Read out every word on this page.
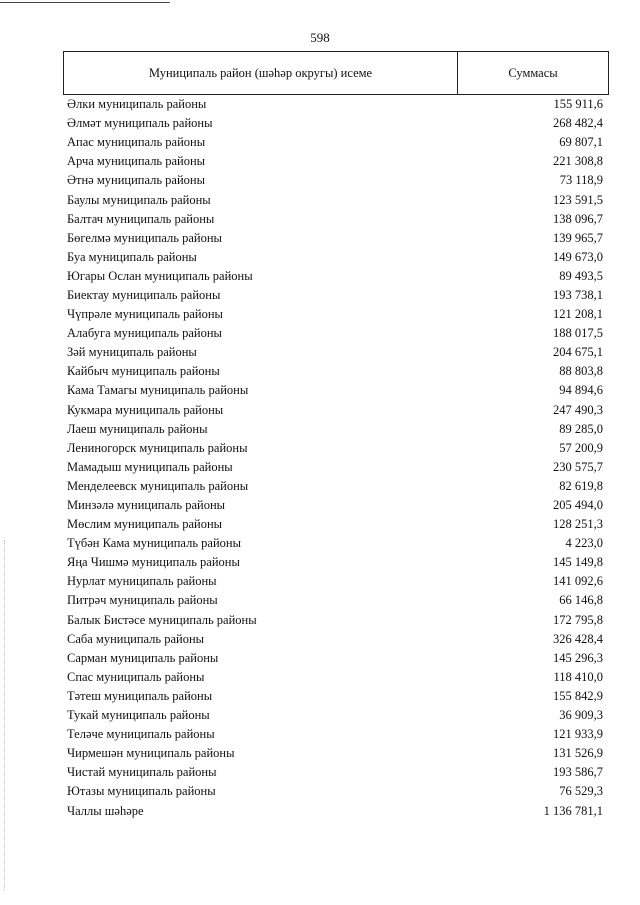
598
Муниципаль район (шәһәр округы) исеме	Суммасы
Әлки муниципаль районы	155 911,6
Әлмәт муниципаль районы	268 482,4
Апас муниципаль районы	69 807,1
Арча муниципаль районы	221 308,8
Әтнә муниципаль районы	73 118,9
Баулы муниципаль районы	123 591,5
Балтач муниципаль районы	138 096,7
Бөгелмә муниципаль районы	139 965,7
Буа муниципаль районы	149 673,0
Югары Ослан муниципаль районы	89 493,5
Биектау муниципаль районы	193 738,1
Чүпрәле муниципаль районы	121 208,1
Алабуга муниципаль районы	188 017,5
Зәй муниципаль районы	204 675,1
Кайбыч муниципаль районы	88 803,8
Кама Тамагы муниципаль районы	94 894,6
Кукмара муниципаль районы	247 490,3
Лаеш муниципаль районы	89 285,0
Лениногорск муниципаль районы	57 200,9
Мамадыш муниципаль районы	230 575,7
Менделеевск муниципаль районы	82 619,8
Минзәлә муниципаль районы	205 494,0
Мөслим муниципаль районы	128 251,3
Түбән Кама муниципаль районы	4 223,0
Яңа Чишмә муниципаль районы	145 149,8
Нурлат муниципаль районы	141 092,6
Питрәч муниципаль районы	66 146,8
Балык Бистәсе муниципаль районы	172 795,8
Саба муниципаль районы	326 428,4
Сарман муниципаль районы	145 296,3
Спас муниципаль районы	118 410,0
Тәтеш муниципаль районы	155 842,9
Тукай муниципаль районы	36 909,3
Теләче муниципаль районы	121 933,9
Чирмешән муниципаль районы	131 526,9
Чистай муниципаль районы	193 586,7
Ютазы муниципаль районы	76 529,3
Чаллы шәһәре	1 136 781,1
